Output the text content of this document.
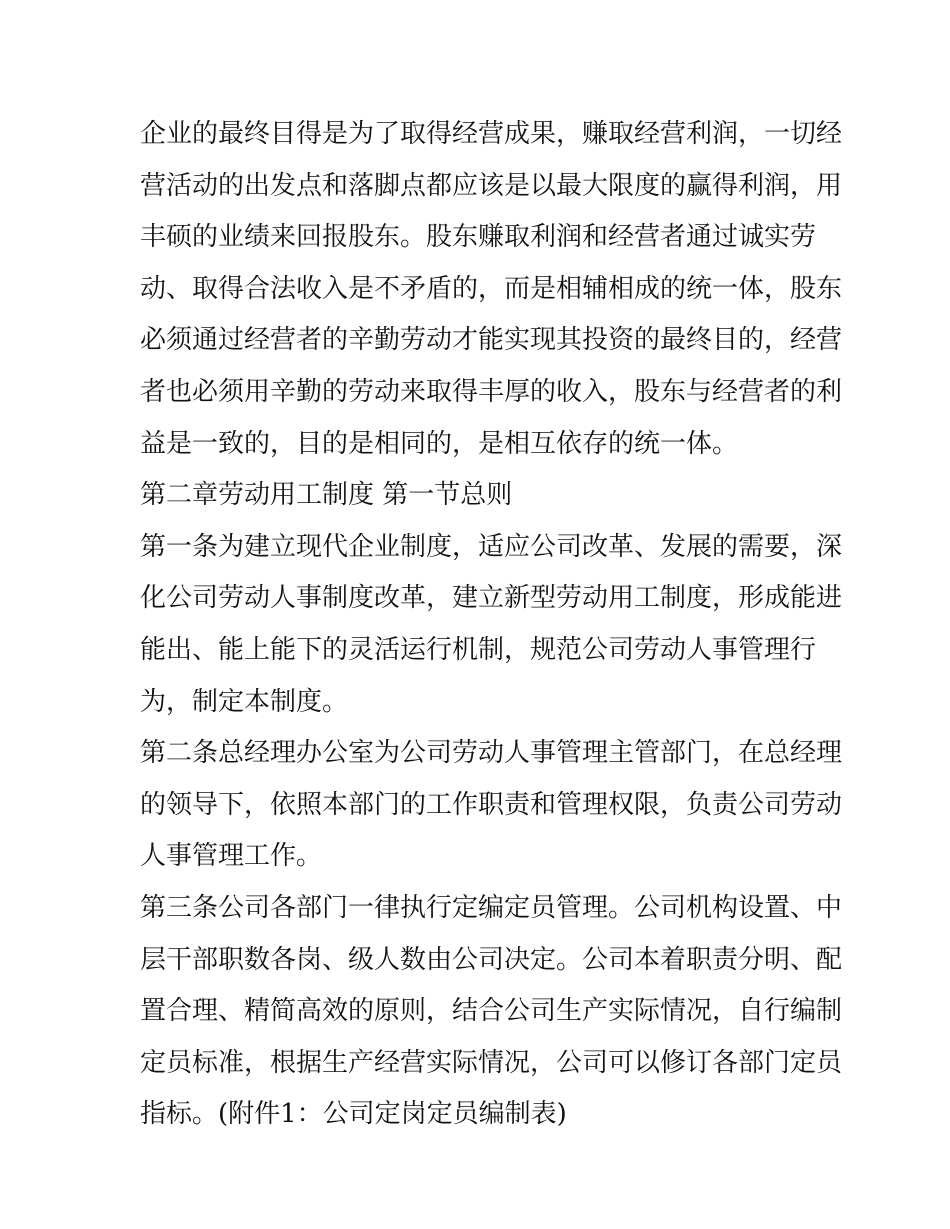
企业的最终目得是为了取得经营成果，赚取经营利润，一切经
营活动的出发点和落脚点都应该是以最大限度的赢得利润，用
丰硕的业绩来回报股东。股东赚取利润和经营者通过诚实劳
动、取得合法收入是不矛盾的，而是相辅相成的统一体，股东
必须通过经营者的辛勤劳动才能实现其投资的最终目的，经营
者也必须用辛勤的劳动来取得丰厚的收入，股东与经营者的利
益是一致的，目的是相同的，是相互依存的统一体。
第二章劳动用工制度 第一节总则
第一条为建立现代企业制度，适应公司改革、发展的需要，深
化公司劳动人事制度改革，建立新型劳动用工制度，形成能进
能出、能上能下的灵活运行机制，规范公司劳动人事管理行
为，制定本制度。
第二条总经理办公室为公司劳动人事管理主管部门，在总经理
的领导下，依照本部门的工作职责和管理权限，负责公司劳动
人事管理工作。
第三条公司各部门一律执行定编定员管理。公司机构设置、中
层干部职数各岗、级人数由公司决定。公司本着职责分明、配
置合理、精简高效的原则，结合公司生产实际情况，自行编制
定员标准，根据生产经营实际情况，公司可以修订各部门定员
指标。(附件1：公司定岗定员编制表)
